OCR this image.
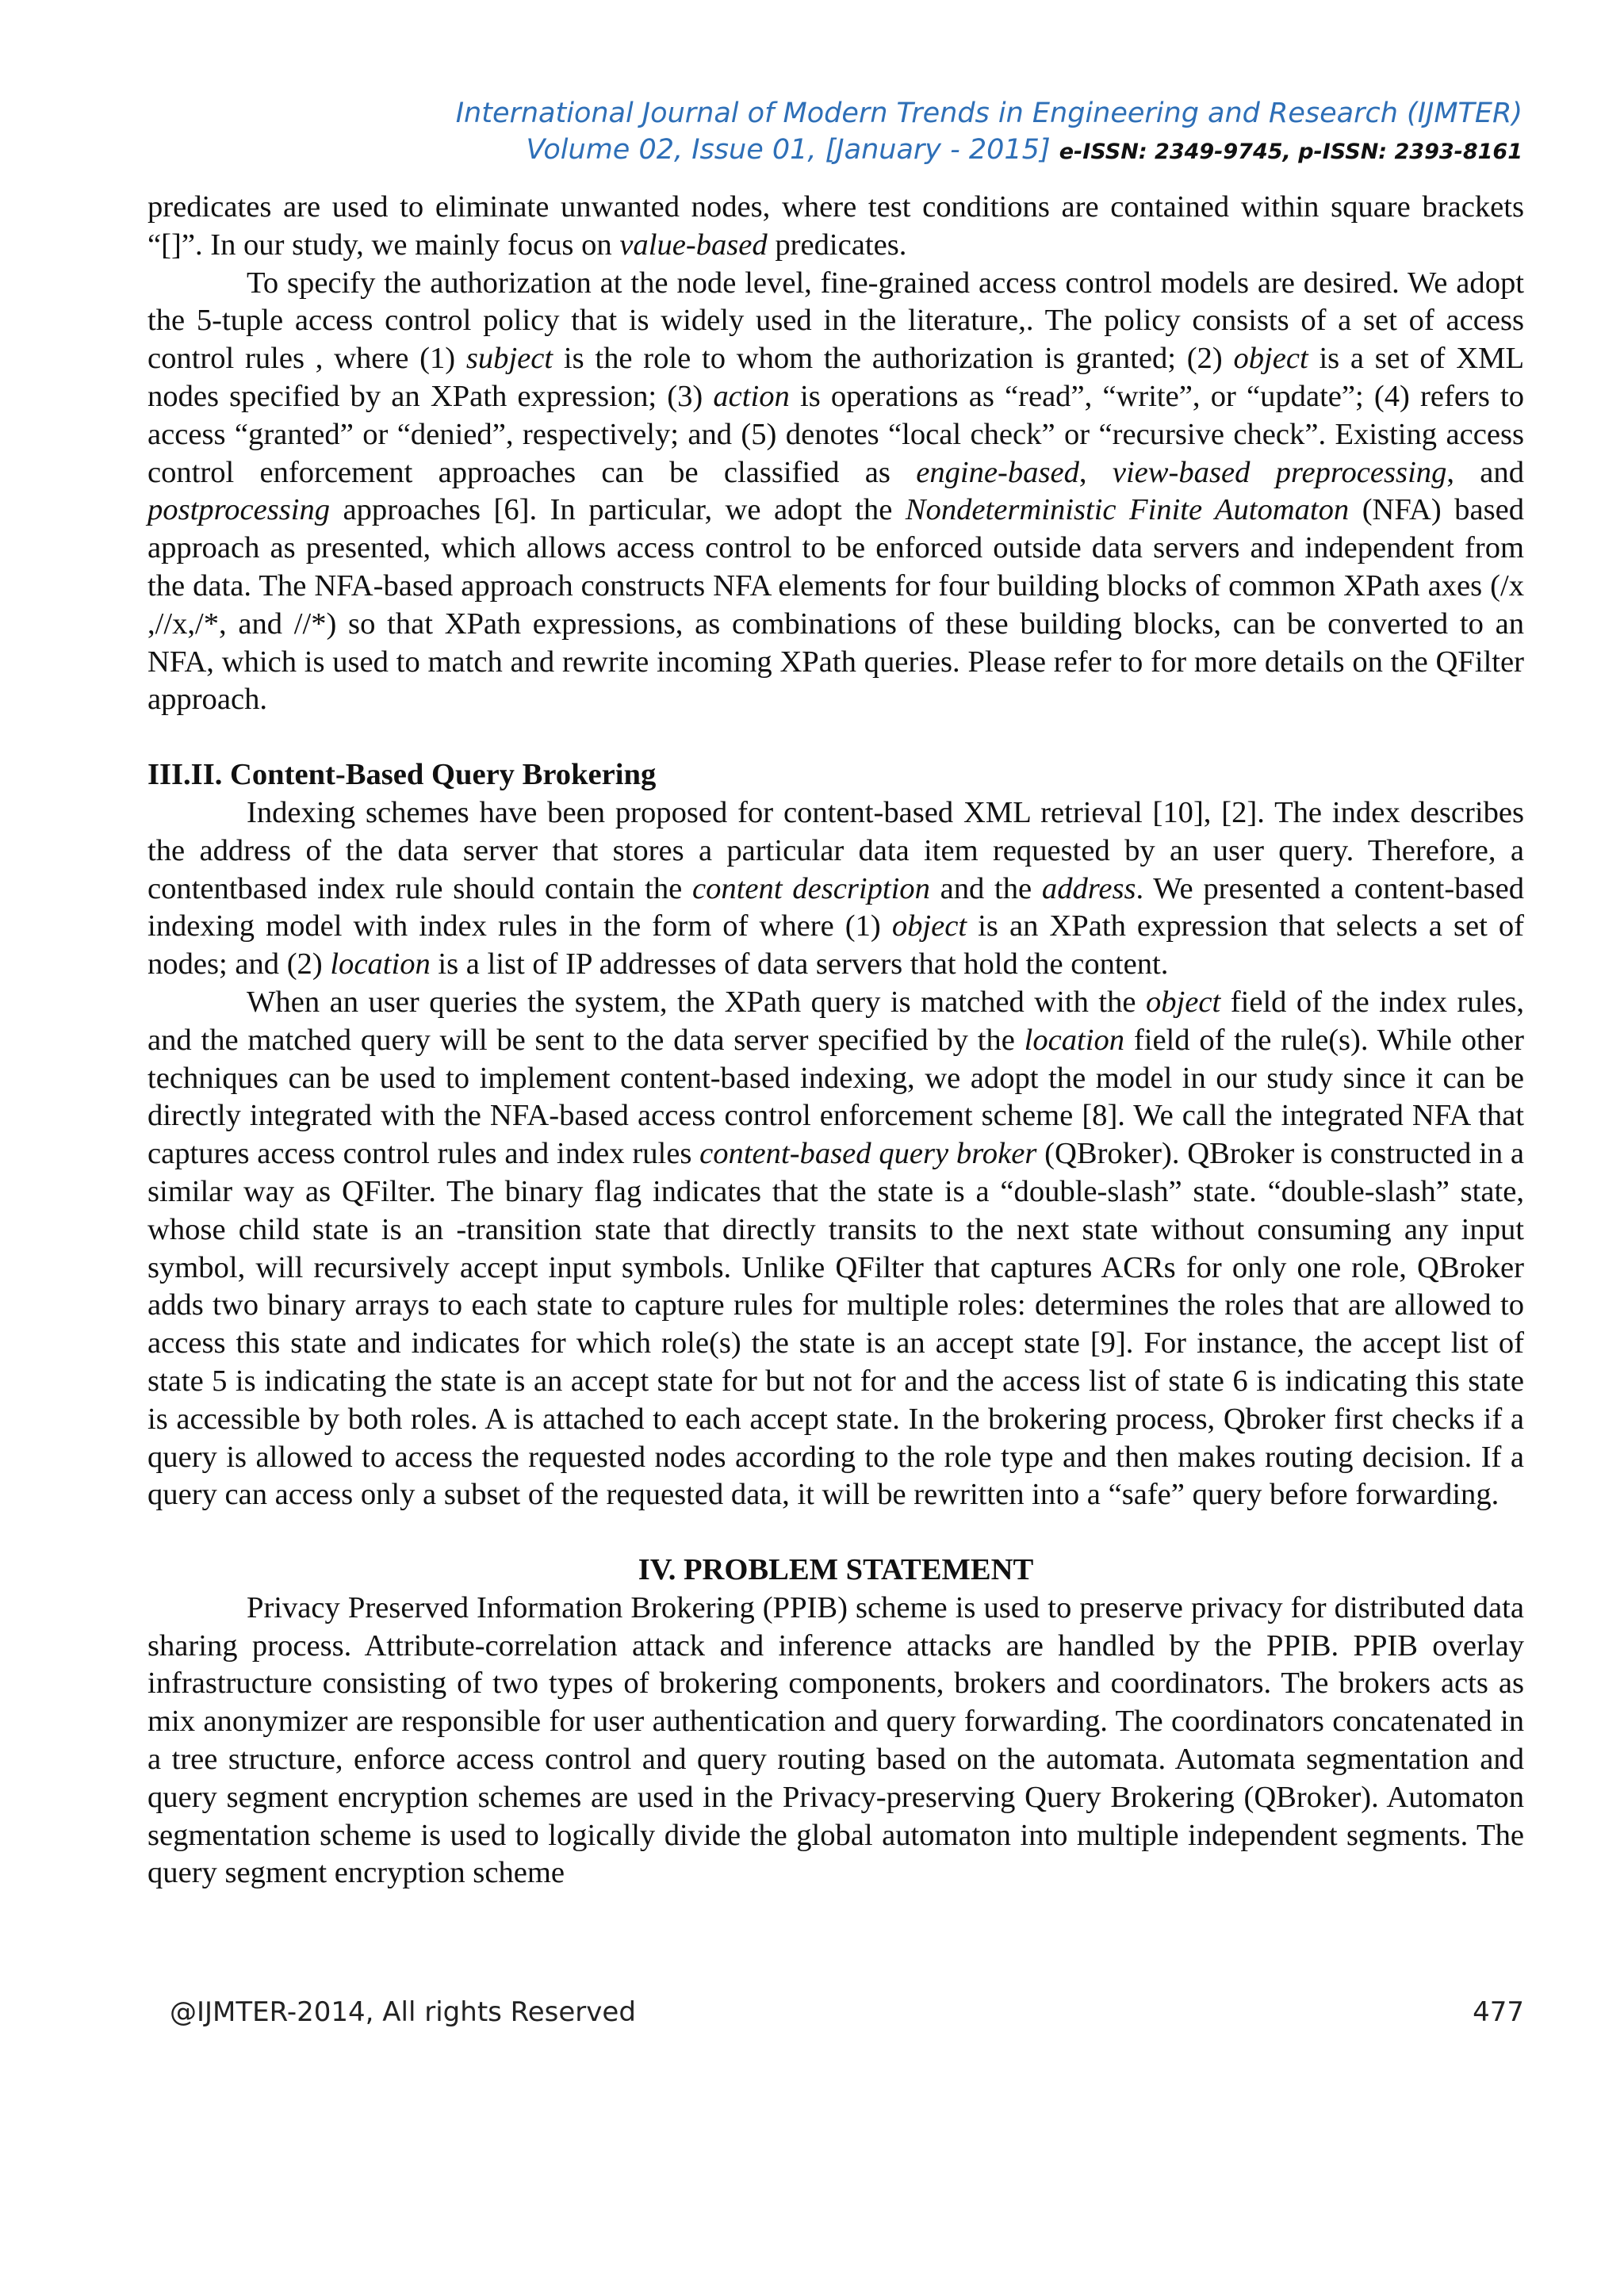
International Journal of Modern Trends in Engineering and Research (IJMTER)
Volume 02, Issue 01, [January - 2015] e-ISSN: 2349-9745, p-ISSN: 2393-8161

predicates are used to eliminate unwanted nodes, where test conditions are contained within square brackets “[]”. In our study, we mainly focus on value-based predicates.

To specify the authorization at the node level, fine-grained access control models are desired. We adopt the 5-tuple access control policy that is widely used in the literature,. The policy consists of a set of access control rules , where (1) subject is the role to whom the authorization is granted; (2) object is a set of XML nodes specified by an XPath expression; (3) action is operations as “read”, “write”, or “update”; (4) refers to access “granted” or “denied”, respectively; and (5) denotes “local check” or “recursive check”. Existing access control enforcement approaches can be classified as engine-based, view-based preprocessing, and postprocessing approaches [6]. In particular, we adopt the Nondeterministic Finite Automaton (NFA) based approach as presented, which allows access control to be enforced outside data servers and independent from the data. The NFA-based approach constructs NFA elements for four building blocks of common XPath axes (/x ,//x,/*, and //*) so that XPath expressions, as combinations of these building blocks, can be converted to an NFA, which is used to match and rewrite incoming XPath queries. Please refer to for more details on the QFilter approach.

III.II. Content-Based Query Brokering

Indexing schemes have been proposed for content-based XML retrieval [10], [2]. The index describes the address of the data server that stores a particular data item requested by an user query. Therefore, a contentbased index rule should contain the content description and the address. We presented a content-based indexing model with index rules in the form of where (1) object is an XPath expression that selects a set of nodes; and (2) location is a list of IP addresses of data servers that hold the content.

When an user queries the system, the XPath query is matched with the object field of the index rules, and the matched query will be sent to the data server specified by the location field of the rule(s). While other techniques can be used to implement content-based indexing, we adopt the model in our study since it can be directly integrated with the NFA-based access control enforcement scheme [8]. We call the integrated NFA that captures access control rules and index rules content-based query broker (QBroker). QBroker is constructed in a similar way as QFilter. The binary flag indicates that the state is a “double-slash” state. “double-slash” state, whose child state is an -transition state that directly transits to the next state without consuming any input symbol, will recursively accept input symbols. Unlike QFilter that captures ACRs for only one role, QBroker adds two binary arrays to each state to capture rules for multiple roles: determines the roles that are allowed to access this state and indicates for which role(s) the state is an accept state [9]. For instance, the accept list of state 5 is indicating the state is an accept state for but not for and the access list of state 6 is indicating this state is accessible by both roles. A is attached to each accept state. In the brokering process, Qbroker first checks if a query is allowed to access the requested nodes according to the role type and then makes routing decision. If a query can access only a subset of the requested data, it will be rewritten into a “safe” query before forwarding.

IV. PROBLEM STATEMENT

Privacy Preserved Information Brokering (PPIB) scheme is used to preserve privacy for distributed data sharing process. Attribute-correlation attack and inference attacks are handled by the PPIB. PPIB overlay infrastructure consisting of two types of brokering components, brokers and coordinators. The brokers acts as mix anonymizer are responsible for user authentication and query forwarding. The coordinators concatenated in a tree structure, enforce access control and query routing based on the automata. Automata segmentation and query segment encryption schemes are used in the Privacy-preserving Query Brokering (QBroker). Automaton segmentation scheme is used to logically divide the global automaton into multiple independent segments. The query segment encryption scheme

@IJMTER-2014, All rights Reserved	477
